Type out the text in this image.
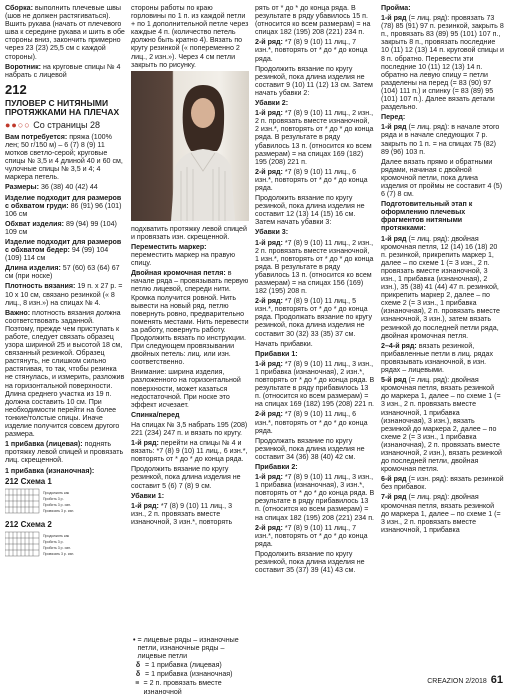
Сборка: выполнить плечевые швы (шов не должен растягиваться). Вшить рукава (начать от плечевого шва к середине рукава и шить в обе стороны вниз, закончить примерно через 23 (23) 25,5 см с каждой стороны).

Воротник: на круговые спицы № 4 набрать с лицевой

212
ПУЛОВЕР С НИТЯНЫМИ ПРОТЯЖКАМИ НА ПЛЕЧАХ
●●○○ Со страницы 28

Вам потребуется: пряжа (100% лен; 50 г/150 м) – 6 (7) 8 (9) 11 мотков светло-серой; круговые спицы № 3,5 и 4 длиной 40 и 60 см, чулочные спицы № 3,5 и 4; 4 маркера петель.

Размеры: 36 (38) 40 (42) 44

Изделие подходит для размеров с обхватом груди: 86 (91) 96 (101) 106 см

Обхват изделия: 89 (94) 99 (104) 109 см

Изделие подходит для размеров с обхватом бедер: 94 (99) 104 (109) 114 см

Длина изделия: 57 (60) 63 (64) 67 см (при носке)

Плотность вязания: 19 п. х 27 р. = 10 х 10 см, связано резинкой (« 8 лиц., 8 изн.») на спицах № 4.

Важно: плотность вязания должна соответствовать заданной. Поэтому, прежде чем приступать к работе, следует связать образец узора шириной 25 и высотой 18 см, связанный резинкой. Образец растянуть, не слишком сильно растягивая, то так, чтобы резинка не стянулась, и измерить, разложив на горизонтальной поверхности. Длина среднего участка из 19 п. должна составить 10 см. При необходимости перейти на более тонкие/толстые спицы. Иначе изделие получится совсем другого размера.

1 прибавка (лицевая): поднять протяжку левой спицей и провязать лиц. скрещенной.

1 прибавка (изнаночная):

212 Схема 1
Продолжить как
Пробить 3 р.
Пробить 3 р. изн.
Провязать 3 р. изн.
212 Схема 2
Продолжить как
Пробить 3 р.
Пробить 3 р. изн.
Провязать 3 р. изн.

стороны работы по краю горловины по 1 п. из каждой петли + по 1 дополнительной петле через каждые 4 п. (количество петель должно быть кратно 4). Вязать по кругу резинкой (« попеременно 2 лиц., 2 изн.»). Через 4 см петли закрыть по рисунку.

подхватить протяжку левой спицей и провязать изн. скрещенной.

Переместить маркер: переместить маркер на правую спицу.

Двойная кромочная петля: в начале ряда – провязывать первую петлю лицевой, спереди нити. Кромка получится ровной. Нить вывести на новый ряд, петлю повернуть ровно, предварительно поменять местами. Нить перевести за работу, повернуть работу. Продолжить вязать по инструкции. При следующем провязывании двойных петель: лиц. или изн. соответственно.

Внимание: ширина изделия, разложенного на горизонтальной поверхности, может казаться недостаточной. При носке это эффект исчезает.

Спинка/перед

На спицах № 3,5 набрать 195 (208) 221 (234) 247 п. и вязать по кругу.

1-й ряд: перейти на спицы № 4 и вязать: *7 (8) 9 (10) 11 лиц., 6 изн.*, повторять от * до * до конца ряда.

Продолжить вязание по кругу резинкой, пока длина изделия не составит 5 (6) 7 (8) 9 см.

Убавки 1:

1-й ряд: *7 (8) 9 (10) 11 лиц., 3 изн., 2 п. провязать вместе изнаночной, 3 изн.*, повторять

• = лицевые ряды – изнаночные петли, изнаночные ряды – лицевые петли
δ = 1 прибавка (лицевая)
δ = 1 прибавка (изнаночная)
≡ = 2 п. провязать вместе изнаночной

рять от * до * до конца ряда. В результате в ряду убавилось 15 п. (относится ко всем размерам) = на спицах 182 (195) 208 (221) 234 п.

2-й ряд: *7 (8) 9 (10) 11 лиц., 7 изн.*, повторять от * до * до конца ряда.

Продолжить вязание по кругу резинкой, пока длина изделия не составит 9 (10) 11 (12) 13 см. Затем начать убавки 2:

Убавки 2:

1-й ряд: *7 (8) 9 (10) 11 лиц., 2 изн., 2 п. провязать вместе изнаночной, 2 изн.*, повторять от * до * до конца ряда. В результате в ряду убавилось 13 п. (относится ко всем размерам) = на спицах 169 (182) 195 (208) 221 п.

2-й ряд: *7 (8) 9 (10) 11 лиц., 6 изн.*, повторять от * до * до конца ряда.

Продолжить вязание по кругу резинкой, пока длина изделия не составит 12 (13) 14 (15) 16 см. Затем начать убавки 3:

Убавки 3:

1-й ряд: *7 (8) 9 (10) 11 лиц., 2 изн., 2 п. провязать вместе изнаночной, 1 изн.*, повторять от * до * до конца ряда. В результате в ряду убавилось 13 п. (относится ко всем размерам) = на спицах 156 (169) 182 (195) 208 п.

2-й ряд: *7 (8) 9 (10) 11 лиц., 5 изн.*, повторять от * до * до конца ряда. Продолжать вязание по кругу резинкой, пока длина изделия не составит 30 (32) 33 (35) 37 см.

Начать прибавки.

Прибавки 1:

1-й ряд: *7 (8) 9 (10) 11 лиц., 3 изн., 1 прибавка (изнаночная), 2 изн.*, повторять от * до * до конца ряда. В результате в ряду прибавилось 13 п. (относится ко всем размерам) = на спицах 169 (182) 195 (208) 221 п.

2-й ряд: *7 (8) 9 (10) 11 лиц., 6 изн.*, повторять от * до * до конца ряда.

Продолжать вязание по кругу резинкой, пока длина изделия не составит 34 (36) 38 (40) 42 см.

Прибавки 2:

1-й ряд: *7 (8) 9 (10) 11 лиц., 3 изн., 1 прибавка (изнаночная), 3 изн.*, повторять от * до * до конца ряда. В результате в ряду прибавилось 13 п. (относится ко всем размерам) = на спицах 182 (195) 208 (221) 234 п.

2-й ряд: *7 (8) 9 (10) 11 лиц., 7 изн.*, повторять от * до * до конца ряда.

Продолжить вязание по кругу резинкой, пока длина изделия не составит 35 (37) 39 (41) 43 см.

Пройма:

1-й ряд (= лиц. ряд): провязать 73 (78) 85 (91) 97 п. резинкой, закрыть 8 п., провязать 83 (89) 95 (101) 107 п., закрыть 8 п., провязать последние 10 (11) 12 (13) 14 п. круговой спицы и 8 п. обратно. Перевести эти последние 10 (11) 12 (13) 14 п. обратно на левую спицу = петли разделены на перед (= 83 (90) 97 (104) 111 п.) и спинку (= 83 (89) 95 (101) 107 п.). Далее вязать детали раздельно.

Перед:

1-й ряд (= лиц. ряд): в начале этого ряда и в начале следующих 7 р. закрыть по 1 п. = на спицах 75 (82) 89 (96) 103 п.

Далее вязать прямо и обратными рядами, начиная с двойной кромочной петли, пока длина изделия от проймы не составит 4 (5) 6 (7) 8 см.

Подготовительный этап к оформлению плечевых фрагментов нитяными протяжками:

1-й ряд (= лиц. ряд): двойная кромочная петля, 12 (14) 16 (18) 20 п. резинкой, прикрепить маркер 1, далее – по схеме 1 (= 3 изн., 2 п. провязать вместе изнаночной, 3 изн., 1 прибавка (изнаночная), 2 изн.), 35 (38) 41 (44) 47 п. резинкой, прикрепить маркер 2, далее – по схеме 2 (= 3 изн., 1 прибавка (изнаночная), 2 п. провязать вместе изнаночной, 3 изн.), затем вязать резинкой до последней петли ряда, двойная кромочная петля.

2–4-й ряд: вязать резинкой, прибавленные петли в лиц. рядах провязывать изнаночной, в изн. рядах – лицевыми.

5-й ряд (= лиц. ряд): двойная кромочная петля, вязать резинкой до маркера 1, далее – по схеме 1 (= 3 изн., 2 п. провязать вместе изнаночной, 1 прибавка (изнаночная), 3 изн.), вязать резинкой до маркера 2, далее – по схеме 2 (= 3 изн., 1 прибавка (изнаночная), 2 п. провязать вместе изнаночной, 2 изн.), вязать резинкой до последней петли, двойная кромочная петля.

6-й ряд (= изн. ряд): вязать резинкой без прибавок.

7-й ряд (= лиц. ряд): двойная кромочная петля, вязать резинкой до маркера 1, далее – по схеме 1 (= 3 изн., 2 п. провязать вместе изнаночной, 1 прибавка

CREAZION 2/2018 61
